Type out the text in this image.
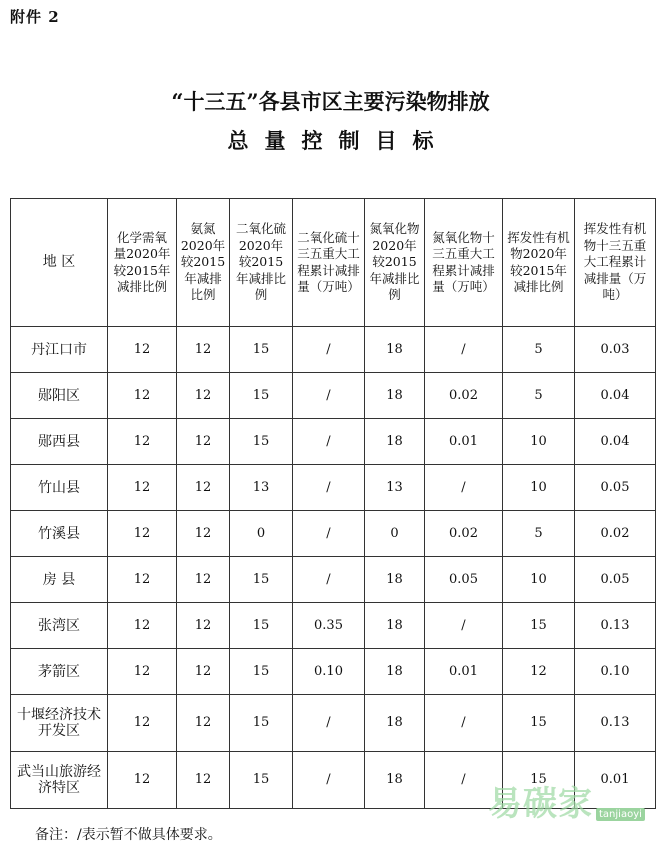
附件 2
“十三五”各县市区主要污染物排放
总量控制目标
地 区	化学需氧量2020年较2015年减排比例	氨氮2020年较2015年减排比例	二氧化硫2020年较2015年减排比例	二氧化硫十三五重大工程累计减排量（万吨）	氮氧化物2020年较2015年减排比例	氮氧化物十三五重大工程累计减排量（万吨）	挥发性有机物2020年较2015年减排比例	挥发性有机物十三五重大工程累计减排量（万吨）
丹江口市	12	12	15	/	18	/	5	0.03
郧阳区	12	12	15	/	18	0.02	5	0.04
郧西县	12	12	15	/	18	0.01	10	0.04
竹山县	12	12	13	/	13	/	10	0.05
竹溪县	12	12	0	/	0	0.02	5	0.02
房 县	12	12	15	/	18	0.05	10	0.05
张湾区	12	12	15	0.35	18	/	15	0.13
茅箭区	12	12	15	0.10	18	0.01	12	0.10
十堰经济技术开发区	12	12	15	/	18	/	15	0.13
武当山旅游经济特区	12	12	15	/	18	/	15	0.01
备注：/表示暂不做具体要求。
易碳家 tanjiaoyi
